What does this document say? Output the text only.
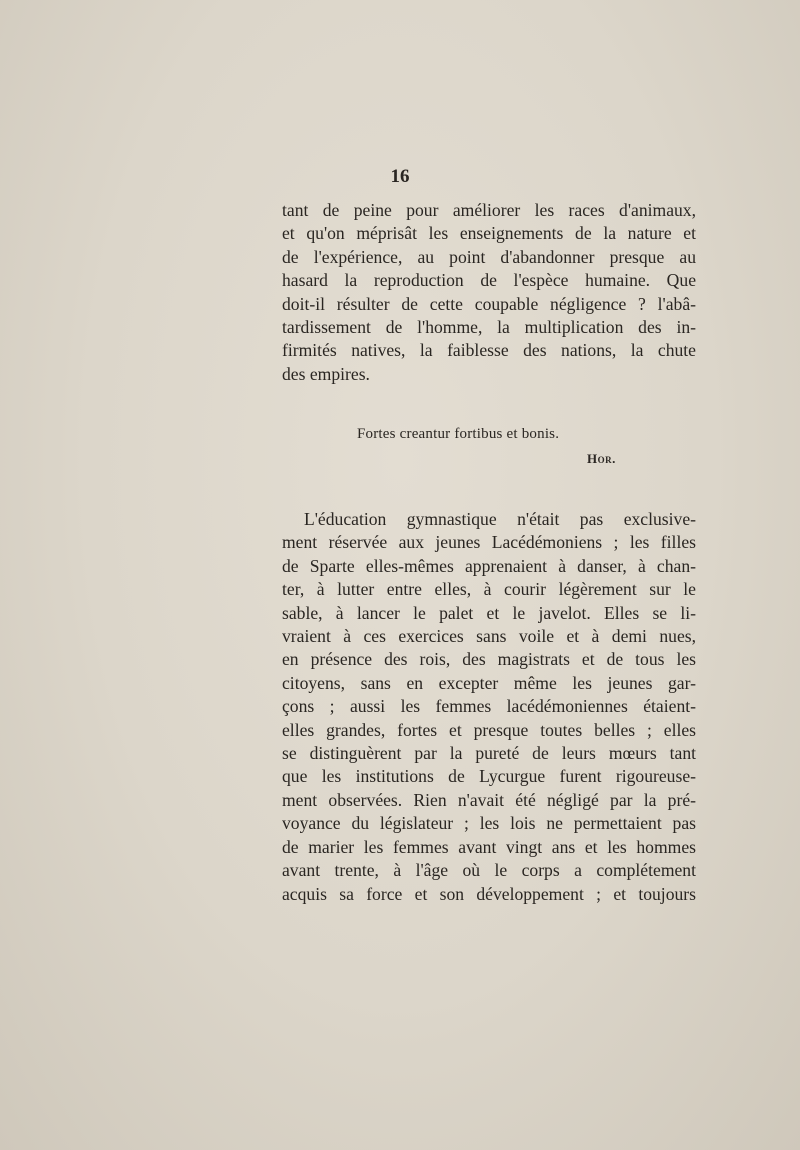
16
tant de peine pour améliorer les races d'animaux,
et qu'on méprisât les enseignements de la nature et
de l'expérience, au point d'abandonner presque au
hasard la reproduction de l'espèce humaine. Que
doit-il résulter de cette coupable négligence ? l'abâ-
tardissement de l'homme, la multiplication des in-
firmités natives, la faiblesse des nations, la chute
des empires.
Fortes creantur fortibus et bonis.
Hor.
L'éducation gymnastique n'était pas exclusive-
ment réservée aux jeunes Lacédémoniens ; les filles
de Sparte elles-mêmes apprenaient à danser, à chan-
ter, à lutter entre elles, à courir légèrement sur le
sable, à lancer le palet et le javelot. Elles se li-
vraient à ces exercices sans voile et à demi nues,
en présence des rois, des magistrats et de tous les
citoyens, sans en excepter même les jeunes gar-
çons ; aussi les femmes lacédémoniennes étaient-
elles grandes, fortes et presque toutes belles ; elles
se distinguèrent par la pureté de leurs mœurs tant
que les institutions de Lycurgue furent rigoureuse-
ment observées. Rien n'avait été négligé par la pré-
voyance du législateur ; les lois ne permettaient pas
de marier les femmes avant vingt ans et les hommes
avant trente, à l'âge où le corps a complétement
acquis sa force et son développement ; et toujours
